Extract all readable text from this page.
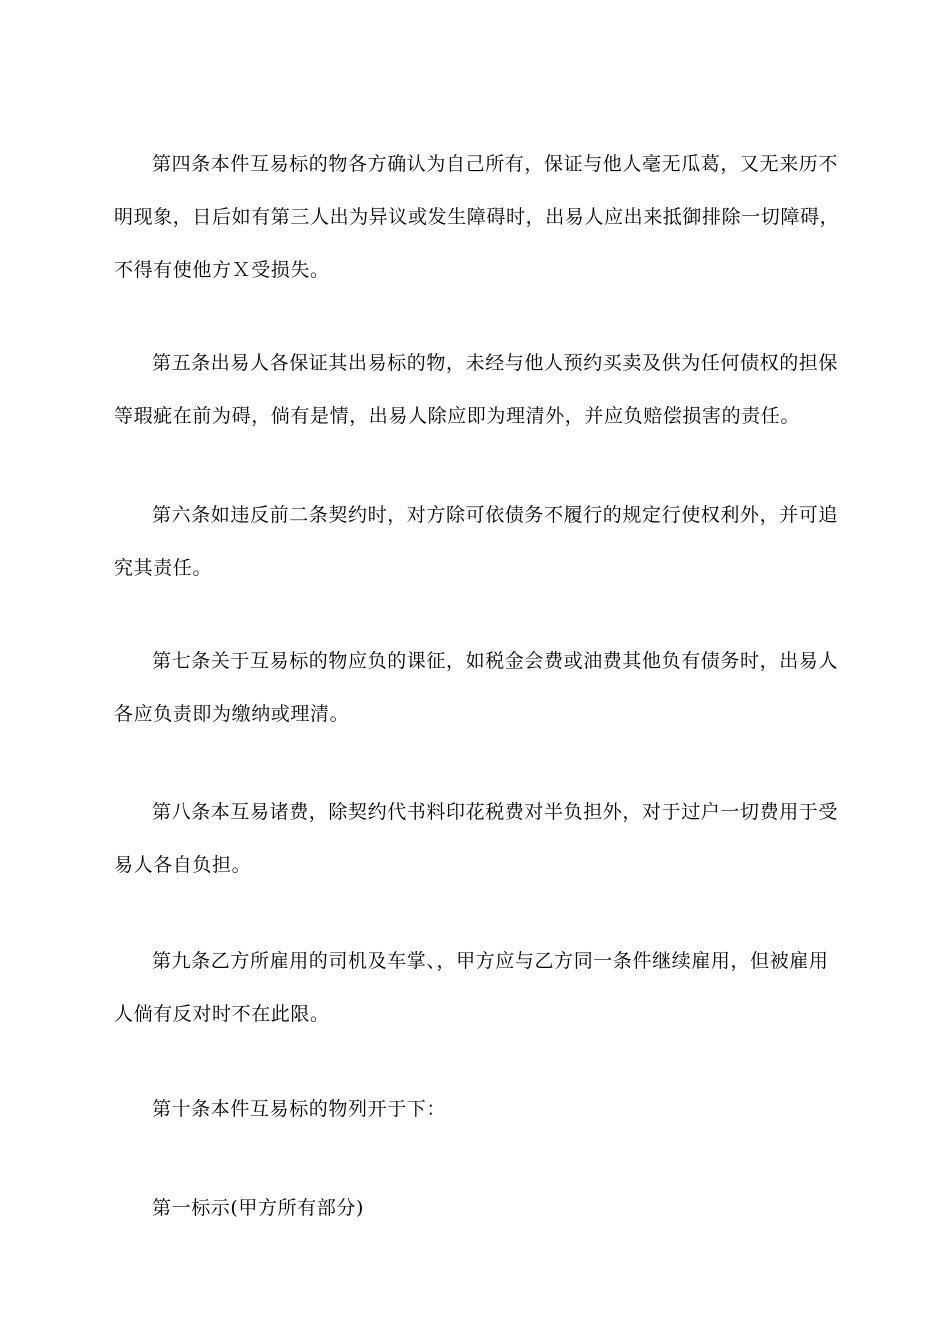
第四条本件互易标的物各方确认为自己所有，保证与他人毫无瓜葛，又无来历不
明现象，日后如有第三人出为异议或发生障碍时，出易人应出来抵御排除一切障碍，
不得有使他方Ｘ受损失。
第五条出易人各保证其出易标的物，未经与他人预约买卖及供为任何债权的担保
等瑕疵在前为碍，倘有是情，出易人除应即为理清外，并应负赔偿损害的责任。
第六条如违反前二条契约时，对方除可依债务不履行的规定行使权利外，并可追
究其责任。
第七条关于互易标的物应负的课征，如税金会费或油费其他负有债务时，出易人
各应负责即为缴纳或理清。
第八条本互易诸费，除契约代书料印花税费对半负担外，对于过户一切费用于受
易人各自负担。
第九条乙方所雇用的司机及车掌、，甲方应与乙方同一条件继续雇用，但被雇用
人倘有反对时不在此限。
第十条本件互易标的物列开于下：
第一标示(甲方所有部分)
